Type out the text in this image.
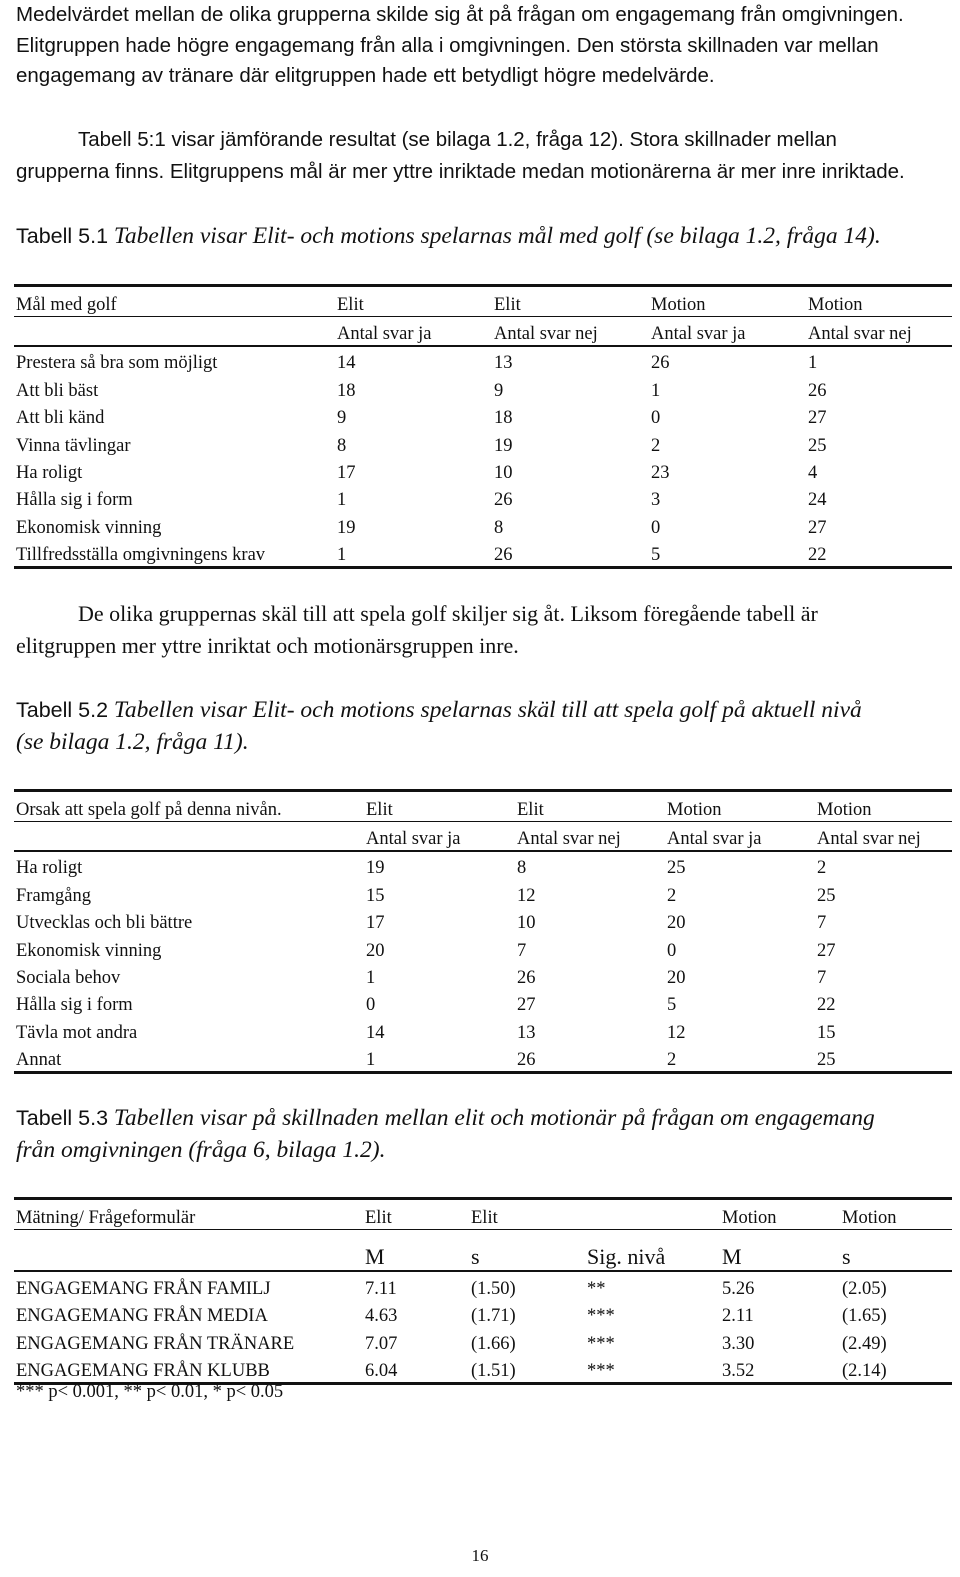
Medelvärdet mellan de olika grupperna skilde sig åt på frågan om engagemang från omgivningen.
Elitgruppen hade högre engagemang från alla i omgivningen. Den största skillnaden var mellan
engagemang av tränare där elitgruppen hade ett betydligt högre medelvärde.
Tabell 5:1 visar jämförande resultat (se bilaga 1.2, fråga 12). Stora skillnader mellan
grupperna finns. Elitgruppens mål är mer yttre inriktade medan motionärerna är mer inre inriktade.
Tabell 5.1 Tabellen visar Elit- och motions spelarnas mål med golf (se bilaga 1.2, fråga 14).
Mål med golf	Elit	Elit	Motion	Motion
	Antal svar ja	Antal svar nej	Antal svar ja	Antal svar nej
Prestera så bra som möjligt	14	13	26	1
Att bli bäst	18	9	1	26
Att bli känd	9	18	0	27
Vinna tävlingar	8	19	2	25
Ha roligt	17	10	23	4
Hålla sig i form	1	26	3	24
Ekonomisk vinning	19	8	0	27
Tillfredsställa omgivningens krav	1	26	5	22
De olika gruppernas skäl till att spela golf skiljer sig åt. Liksom föregående tabell är
elitgruppen mer yttre inriktat och motionärsgruppen inre.
Tabell 5.2 Tabellen visar Elit- och motions spelarnas skäl till att spela golf på aktuell nivå
(se bilaga 1.2, fråga 11).
Orsak att spela golf på denna nivån.	Elit	Elit	Motion	Motion
	Antal svar ja	Antal svar nej	Antal svar ja	Antal svar nej
Ha roligt	19	8	25	2
Framgång	15	12	2	25
Utvecklas och bli bättre	17	10	20	7
Ekonomisk vinning	20	7	0	27
Sociala behov	1	26	20	7
Hålla sig i form	0	27	5	22
Tävla mot andra	14	13	12	15
Annat	1	26	2	25
Tabell 5.3 Tabellen visar på skillnaden mellan elit och motionär på frågan om engagemang
från omgivningen (fråga 6, bilaga 1.2).
Mätning/ Frågeformulär	Elit	Elit		Motion	Motion
	M	s	Sig. nivå	M	s
ENGAGEMANG FRÅN FAMILJ	7.11	(1.50)	**	5.26	(2.05)
ENGAGEMANG FRÅN MEDIA	4.63	(1.71)	***	2.11	(1.65)
ENGAGEMANG FRÅN TRÄNARE	7.07	(1.66)	***	3.30	(2.49)
ENGAGEMANG FRÅN KLUBB	6.04	(1.51)	***	3.52	(2.14)

*** p< 0.001, ** p< 0.01, * p< 0.05

16
